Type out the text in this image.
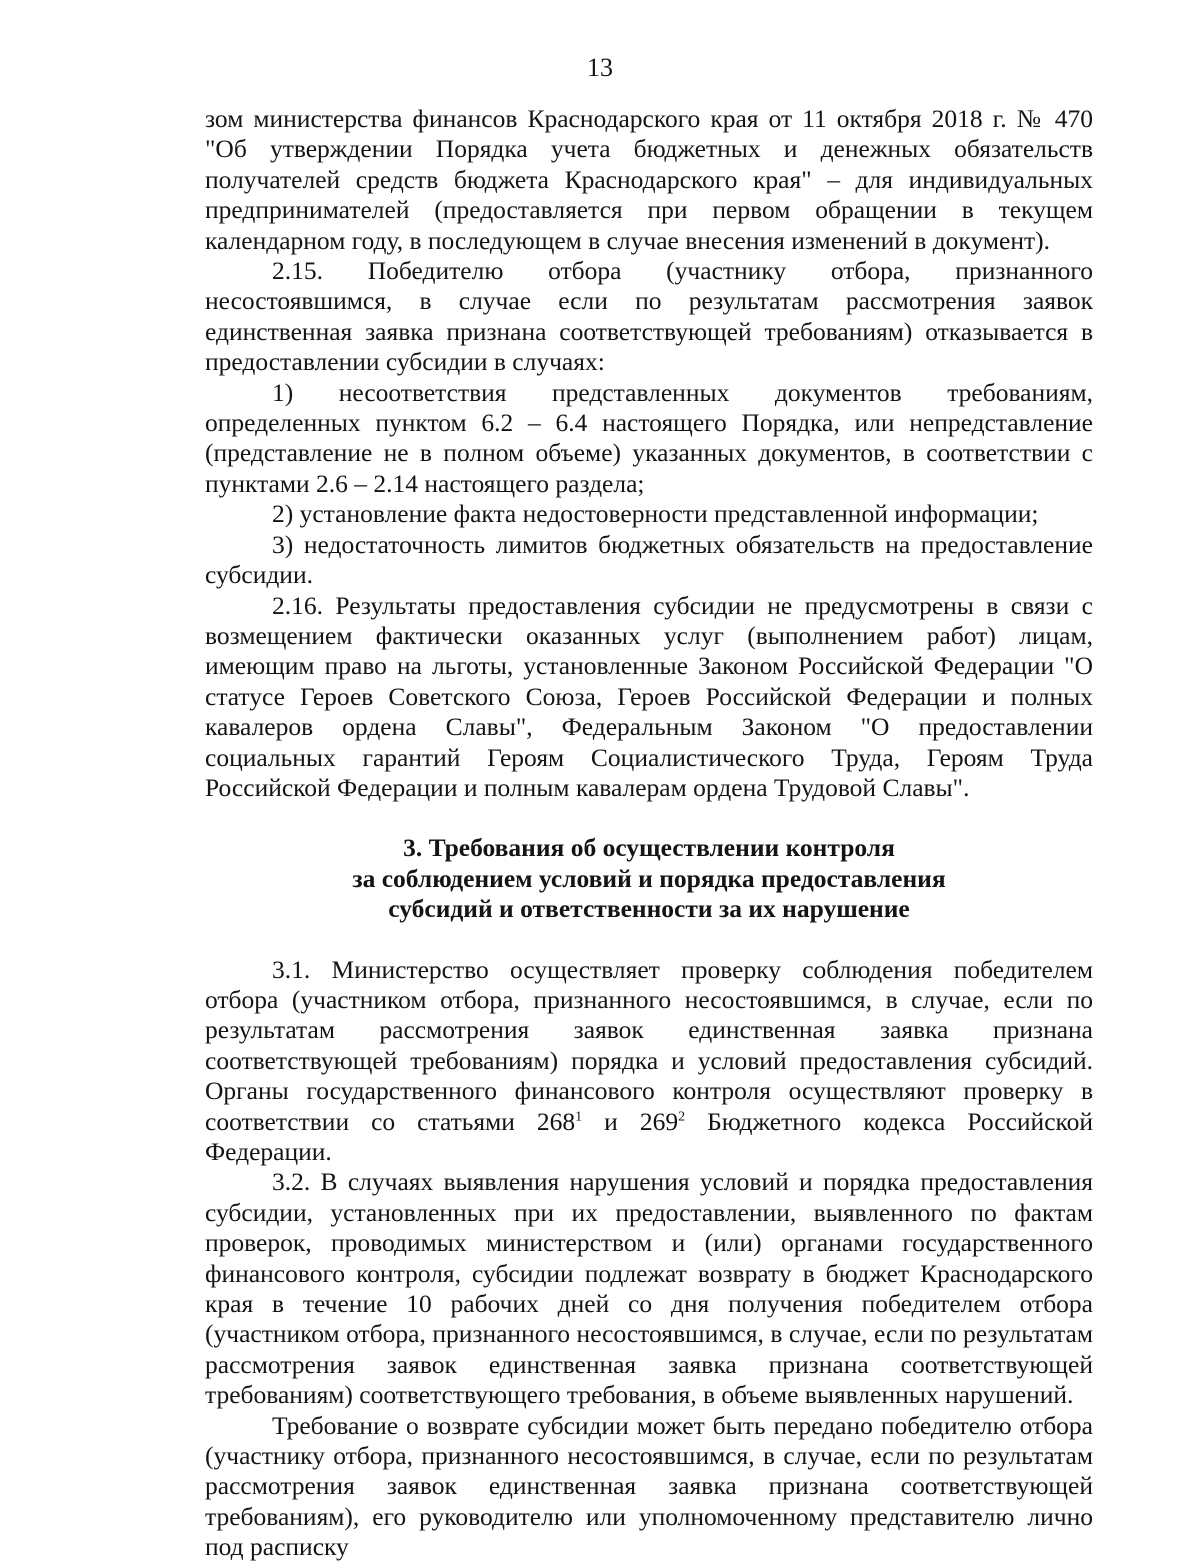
13

зом министерства финансов Краснодарского края от 11 октября 2018 г. № 470 "Об утверждении Порядка учета бюджетных и денежных обязательств получателей средств бюджета Краснодарского края" – для индивидуальных предпринимателей (предоставляется при первом обращении в текущем календарном году, в последующем в случае внесения изменений в документ).

2.15. Победителю отбора (участнику отбора, признанного несостоявшимся, в случае если по результатам рассмотрения заявок единственная заявка признана соответствующей требованиям) отказывается в предоставлении субсидии в случаях:

1) несоответствия представленных документов требованиям, определенных пунктом 6.2 – 6.4 настоящего Порядка, или непредставление (представление не в полном объеме) указанных документов, в соответствии с пунктами 2.6 – 2.14 настоящего раздела;

2) установление факта недостоверности представленной информации;

3) недостаточность лимитов бюджетных обязательств на предоставление субсидии.

2.16. Результаты предоставления субсидии не предусмотрены в связи с возмещением фактически оказанных услуг (выполнением работ) лицам, имеющим право на льготы, установленные Законом Российской Федерации "О статусе Героев Советского Союза, Героев Российской Федерации и полных кавалеров ордена Славы", Федеральным Законом "О предоставлении социальных гарантий Героям Социалистического Труда, Героям Труда Российской Федерации и полным кавалерам ордена Трудовой Славы".

3. Требования об осуществлении контроля
за соблюдением условий и порядка предоставления
субсидий и ответственности за их нарушение

3.1. Министерство осуществляет проверку соблюдения победителем отбора (участником отбора, признанного несостоявшимся, в случае, если по результатам рассмотрения заявок единственная заявка признана соответствующей требованиям) порядка и условий предоставления субсидий. Органы государственного финансового контроля осуществляют проверку в соответствии со статьями $268^1$ и $269^2$ Бюджетного кодекса Российской Федерации.

3.2. В случаях выявления нарушения условий и порядка предоставления субсидии, установленных при их предоставлении, выявленного по фактам проверок, проводимых министерством и (или) органами государственного финансового контроля, субсидии подлежат возврату в бюджет Краснодарского края в течение 10 рабочих дней со дня получения победителем отбора (участником отбора, признанного несостоявшимся, в случае, если по результатам рассмотрения заявок единственная заявка признана соответствующей требованиям) соответствующего требования, в объеме выявленных нарушений.

Требование о возврате субсидии может быть передано победителю отбора (участнику отбора, признанного несостоявшимся, в случае, если по результатам рассмотрения заявок единственная заявка признана соответствующей требованиям), его руководителю или уполномоченному представителю лично под расписку
